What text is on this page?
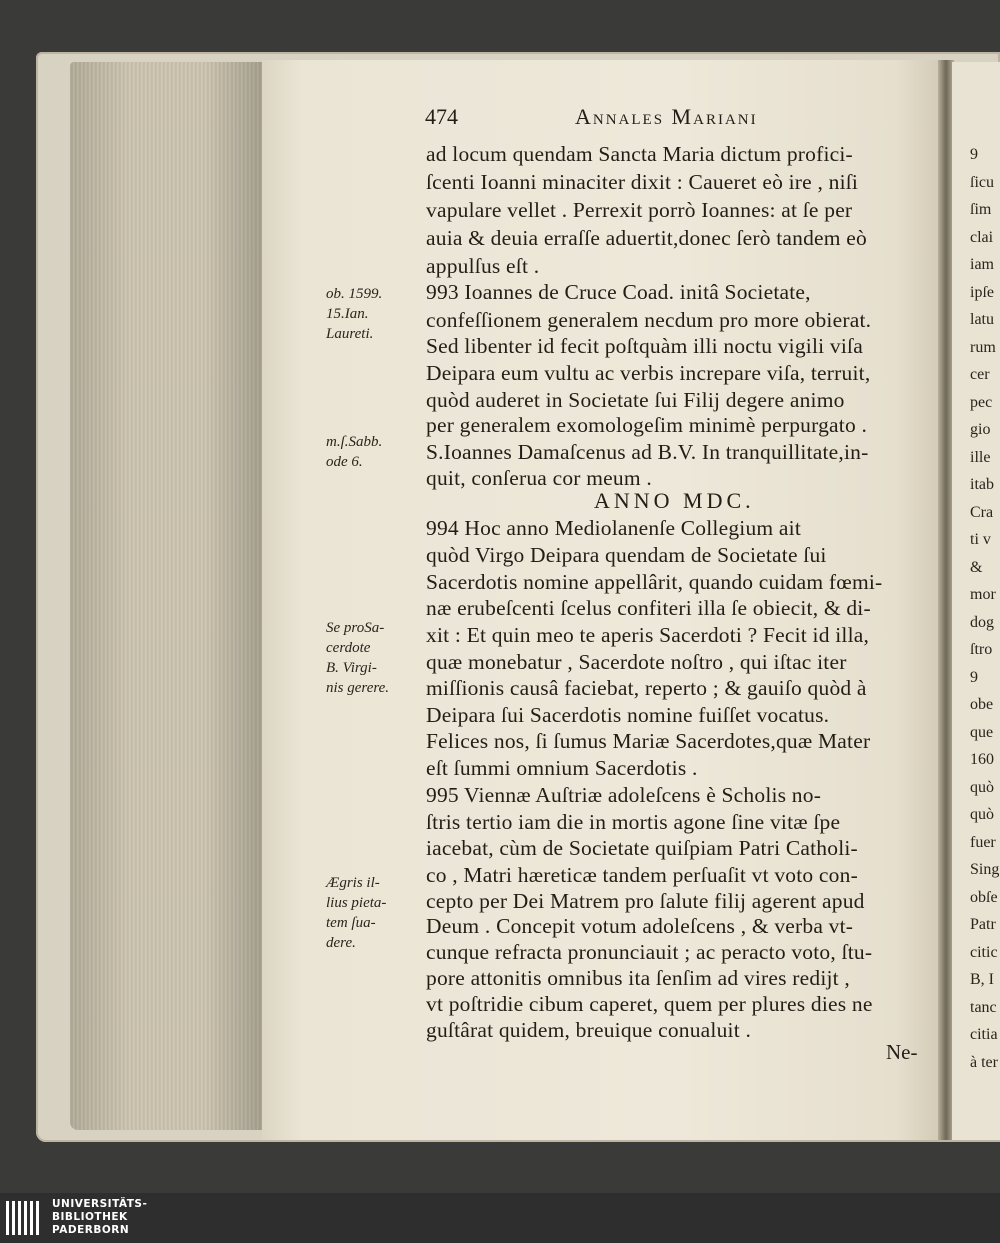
9
ſicu
ſim
clai
iam
ipſe
latu
rum
cer
pec
gio
ille
itab
Cra
ti v
&
mor
dog
ſtro
9
obe
que
160
quò
quò
fuer
Sing
obſe
Patr
citic
B, I
tanc
citia
à ter
474	Annales Mariani
ad locum quendam Sancta Maria dictum profici-
ſcenti Ioanni minaciter dixit : Caueret eò ire , niſi
vapulare vellet . Perrexit porrò Ioannes: at ſe per
auia & deuia erraſſe aduertit,donec ſerò tandem eò
appulſus eſt .
993 Ioannes de Cruce Coad. initâ Societate,
confeſſionem generalem necdum pro more obierat.
Sed libenter id fecit poſtquàm illi noctu vigili viſa
Deipara eum vultu ac verbis increpare viſa, terruit,
quòd auderet in Societate ſui Filij degere animo
per generalem exomologeſim minimè perpurgato .
S.Ioannes Damaſcenus ad B.V. In tranquillitate,in-
quit, conſerua cor meum .
994 Hoc anno Mediolanenſe Collegium ait
quòd Virgo Deipara quendam de Societate ſui
Sacerdotis nomine appellârit, quando cuidam fœmi-
næ erubeſcenti ſcelus confiteri illa ſe obiecit, & di-
xit : Et quin meo te aperis Sacerdoti ? Fecit id illa,
quæ monebatur , Sacerdote noſtro , qui iſtac iter
miſſionis causâ faciebat, reperto ; & gauiſo quòd à
Deipara ſui Sacerdotis nomine fuiſſet vocatus.
Felices nos, ſi ſumus Mariæ Sacerdotes,quæ Mater
eſt ſummi omnium Sacerdotis .
995 Viennæ Auſtriæ adoleſcens è Scholis no-
ſtris tertio iam die in mortis agone ſine vitæ ſpe
iacebat, cùm de Societate quiſpiam Patri Catholi-
co , Matri hæreticæ tandem perſuaſit vt voto con-
cepto per Dei Matrem pro ſalute filij agerent apud
Deum . Concepit votum adoleſcens , & verba vt-
cunque refracta pronunciauit ; ac peracto voto, ſtu-
pore attonitis omnibus ita ſenſim ad vires redijt ,
vt poſtridie cibum caperet, quem per plures dies ne
guſtârat quidem, breuique conualuit .
ANNO MDC.
ob. 1599.
15.Ian.
Laureti.
m.ſ.Sabb.
ode 6.
Se proSa-
cerdote
B. Virgi-
nis gerere.
Ægris il-
lius pieta-
tem ſua-
dere.
Ne-
UNIVERSITÄTS-
BIBLIOTHEK
PADERBORN
